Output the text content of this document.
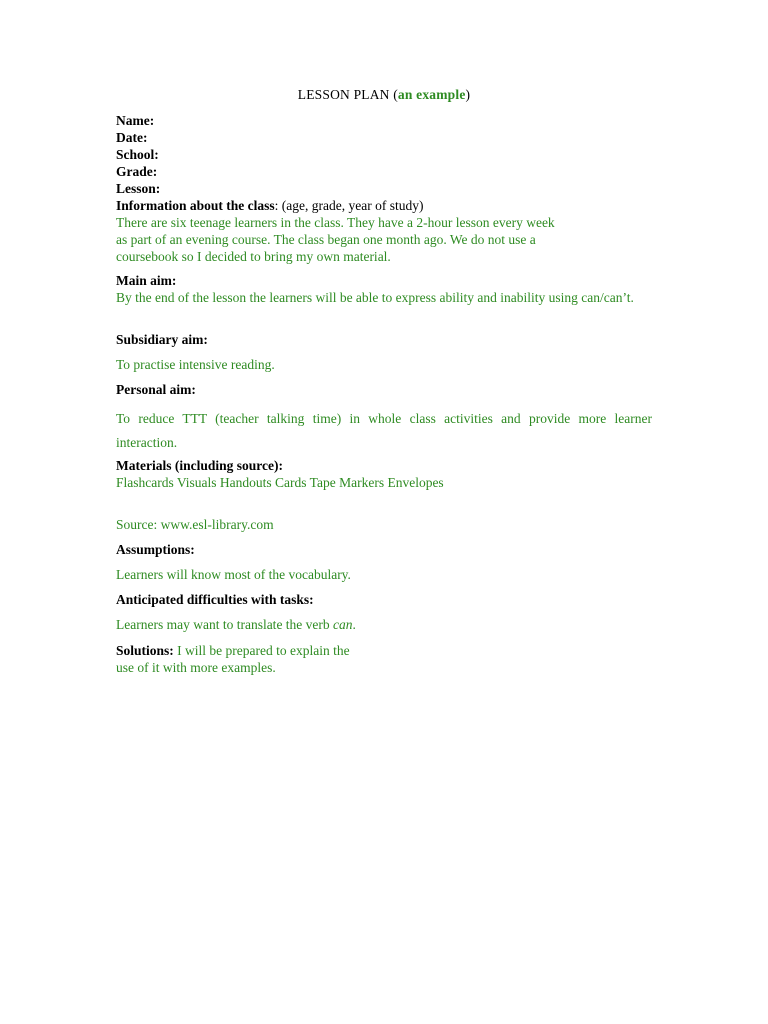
LESSON PLAN (an example)
Name:
Date:
School:
Grade:
Lesson:
Information about the class: (age, grade, year of study)
There are six teenage learners in the class. They have a 2-hour lesson every week
as part of an evening course. The class began one month ago. We do not use a
coursebook so I decided to bring my own material.
Main aim:
By the end of the lesson the learners will be able to express ability and inability using can/can’t.
Subsidiary aim:
To practise intensive reading.
Personal aim:
To reduce TTT (teacher talking time) in whole class activities and provide more learner interaction.
Materials (including source):
Flashcards Visuals Handouts Cards Tape Markers Envelopes
Source: www.esl-library.com
Assumptions:
Learners will know most of the vocabulary.
Anticipated difficulties with tasks:
Learners may want to translate the verb can.
Solutions: I will be prepared to explain the
use of it with more examples.
